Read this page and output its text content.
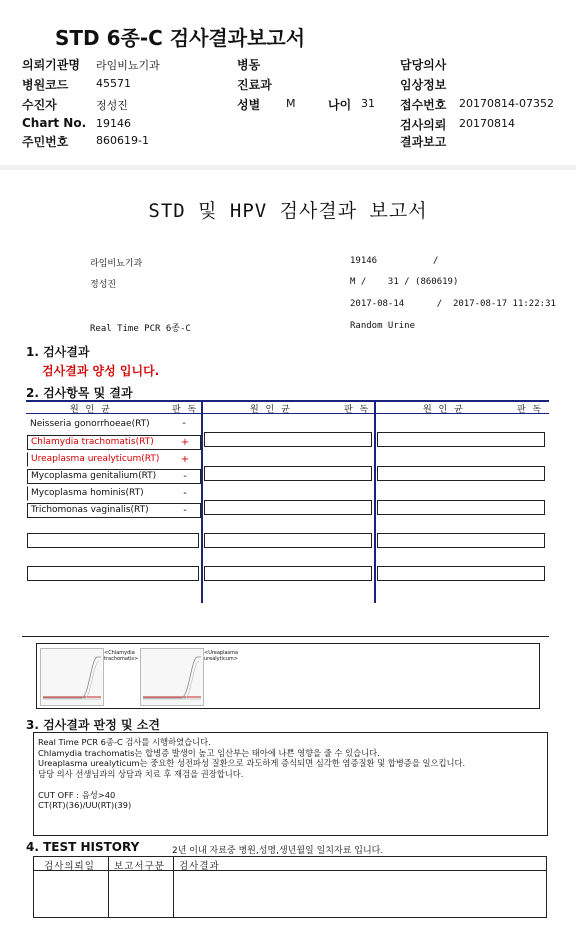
STD 6종-C 검사결과보고서
의뢰기관명 라임비뇨기과	병동	담당의사
병원코드	45571	진료과	임상정보
수진자	정성진	성별 M	나이 31 접수번호 20170814-07352
Chart No. 19146	검사의뢰 20170814
주민번호	860619-1	결과보고
STD 및 HPV 검사결과 보고서
라임비뇨기과	19146	/
정성진	M /    31 / (860619)
2017-08-14      /  2017-08-17 11:22:31
Real Time PCR 6종-C	Random Urine
1. 검사결과
검사결과 양성 입니다.
2. 검사항목 및 결과
원 인 균	판 독	원 인 균	판 독	원 인 균	판 독
Neisseria gonorrhoeae(RT)	-
Chlamydia trachomatis(RT)	+
Ureaplasma urealyticum(RT) +
Mycoplasma genitalium(RT)	-
Mycoplasma hominis(RT)	-
Trichomonas vaginalis(RT)	-
<Chlamydia trachomatis>
<Ureaplasma urealyticum>
3. 검사결과 판정 및 소견
Real Time PCR 6종-C 검사를 시행하였습니다.
Chlamydia trachomatis는 합병증 발생이 높고 임산부는 태아에 나쁜 영향을 줄 수 있습니다.
Ureaplasma urealyticum는 중요한 성전파성 질환으로 과도하게 증식되면 심각한 염증질환 및 합병증을 일으킵니다.
담당 의사 선생님과의 상담과 치료 후 재검을 권장합니다.
CUT OFF : 음성>40
CT(RT)(36)/UU(RT)(39)
4. TEST HISTORY	2년 이내 자료중 병원,성명,생년월일 일치자료 입니다.
검사의뢰일 보고서구분 검사결과
